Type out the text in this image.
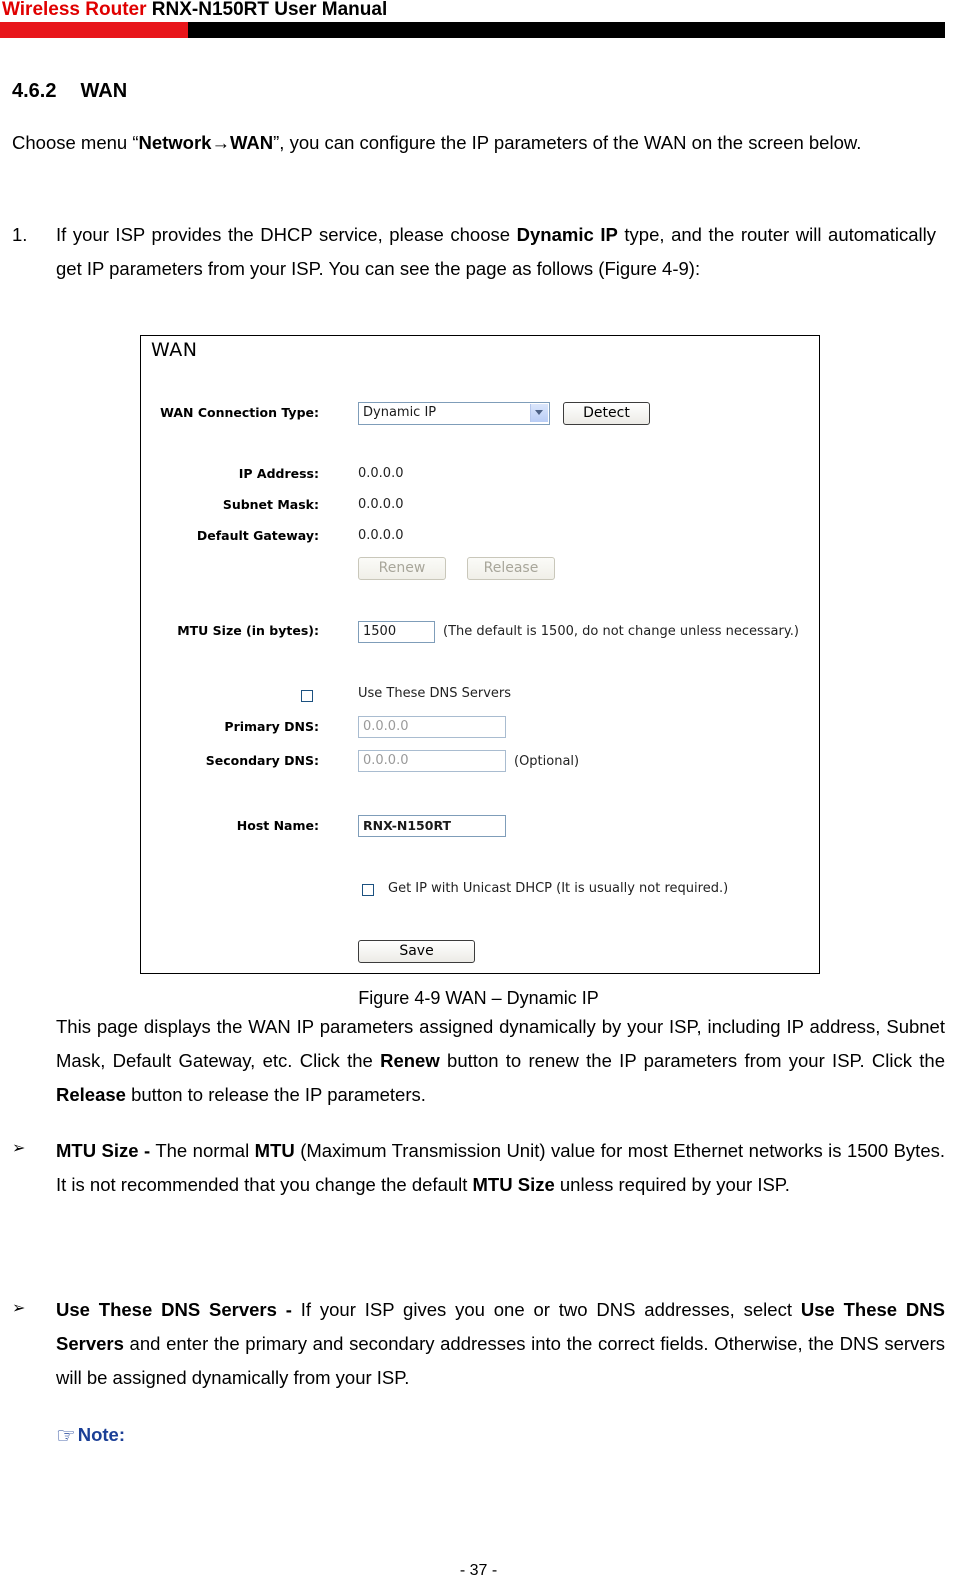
Wireless Router RNX-N150RT User Manual
4.6.2 WAN
Choose menu “Network→WAN”, you can configure the IP parameters of the WAN on the screen below.
1. If your ISP provides the DHCP service, please choose Dynamic IP type, and the router will automatically get IP parameters from your ISP. You can see the page as follows (Figure 4-9):
WAN
WAN Connection Type:	Dynamic IP	Detect
IP Address:	0.0.0.0
Subnet Mask:	0.0.0.0
Default Gateway:	0.0.0.0
Renew	Release
MTU Size (in bytes):	1500	(The default is 1500, do not change unless necessary.)
Use These DNS Servers
Primary DNS:	0.0.0.0
Secondary DNS:	0.0.0.0	(Optional)
Host Name:	RNX-N150RT
Get IP with Unicast DHCP (It is usually not required.)
Save
Figure 4-9 WAN – Dynamic IP
This page displays the WAN IP parameters assigned dynamically by your ISP, including IP address, Subnet Mask, Default Gateway, etc. Click the Renew button to renew the IP parameters from your ISP. Click the Release button to release the IP parameters.
➢ MTU Size - The normal MTU (Maximum Transmission Unit) value for most Ethernet networks is 1500 Bytes. It is not recommended that you change the default MTU Size unless required by your ISP.
➢ Use These DNS Servers - If your ISP gives you one or two DNS addresses, select Use These DNS Servers and enter the primary and secondary addresses into the correct fields. Otherwise, the DNS servers will be assigned dynamically from your ISP.
☞ Note:
- 37 -
